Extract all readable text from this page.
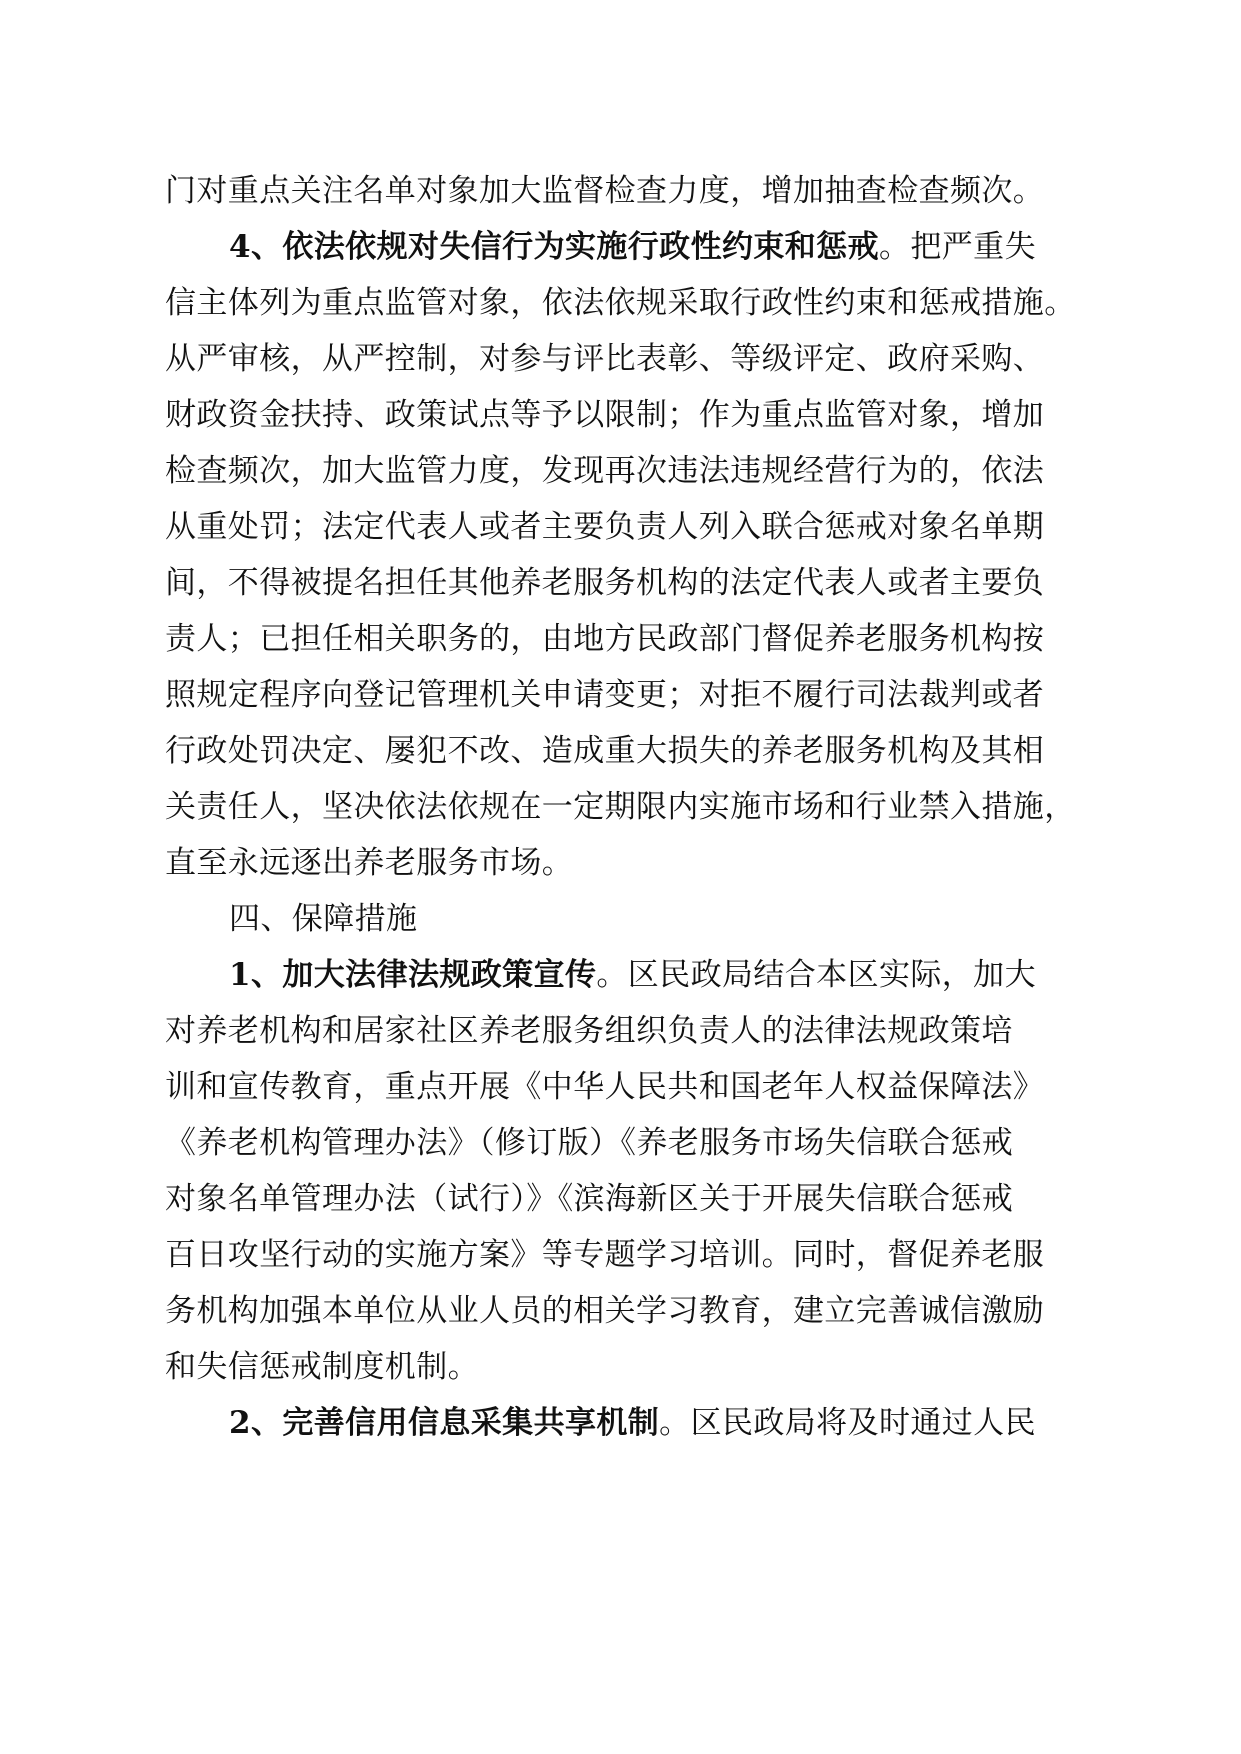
门对重点关注名单对象加大监督检查力度，增加抽查检查频次。
4、依法依规对失信行为实施行政性约束和惩戒。把严重失
信主体列为重点监管对象，依法依规采取行政性约束和惩戒措施。
从严审核，从严控制，对参与评比表彰、等级评定、政府采购、
财政资金扶持、政策试点等予以限制；作为重点监管对象，增加
检查频次，加大监管力度，发现再次违法违规经营行为的，依法
从重处罚；法定代表人或者主要负责人列入联合惩戒对象名单期
间，不得被提名担任其他养老服务机构的法定代表人或者主要负
责人；已担任相关职务的，由地方民政部门督促养老服务机构按
照规定程序向登记管理机关申请变更；对拒不履行司法裁判或者
行政处罚决定、屡犯不改、造成重大损失的养老服务机构及其相
关责任人，坚决依法依规在一定期限内实施市场和行业禁入措施，
直至永远逐出养老服务市场。
四、保障措施
1、加大法律法规政策宣传。区民政局结合本区实际，加大
对养老机构和居家社区养老服务组织负责人的法律法规政策培
训和宣传教育，重点开展《中华人民共和国老年人权益保障法》
《养老机构管理办法》（修订版）《养老服务市场失信联合惩戒
对象名单管理办法（试行）》《滨海新区关于开展失信联合惩戒
百日攻坚行动的实施方案》等专题学习培训。同时，督促养老服
务机构加强本单位从业人员的相关学习教育，建立完善诚信激励
和失信惩戒制度机制。
2、完善信用信息采集共享机制。区民政局将及时通过人民
